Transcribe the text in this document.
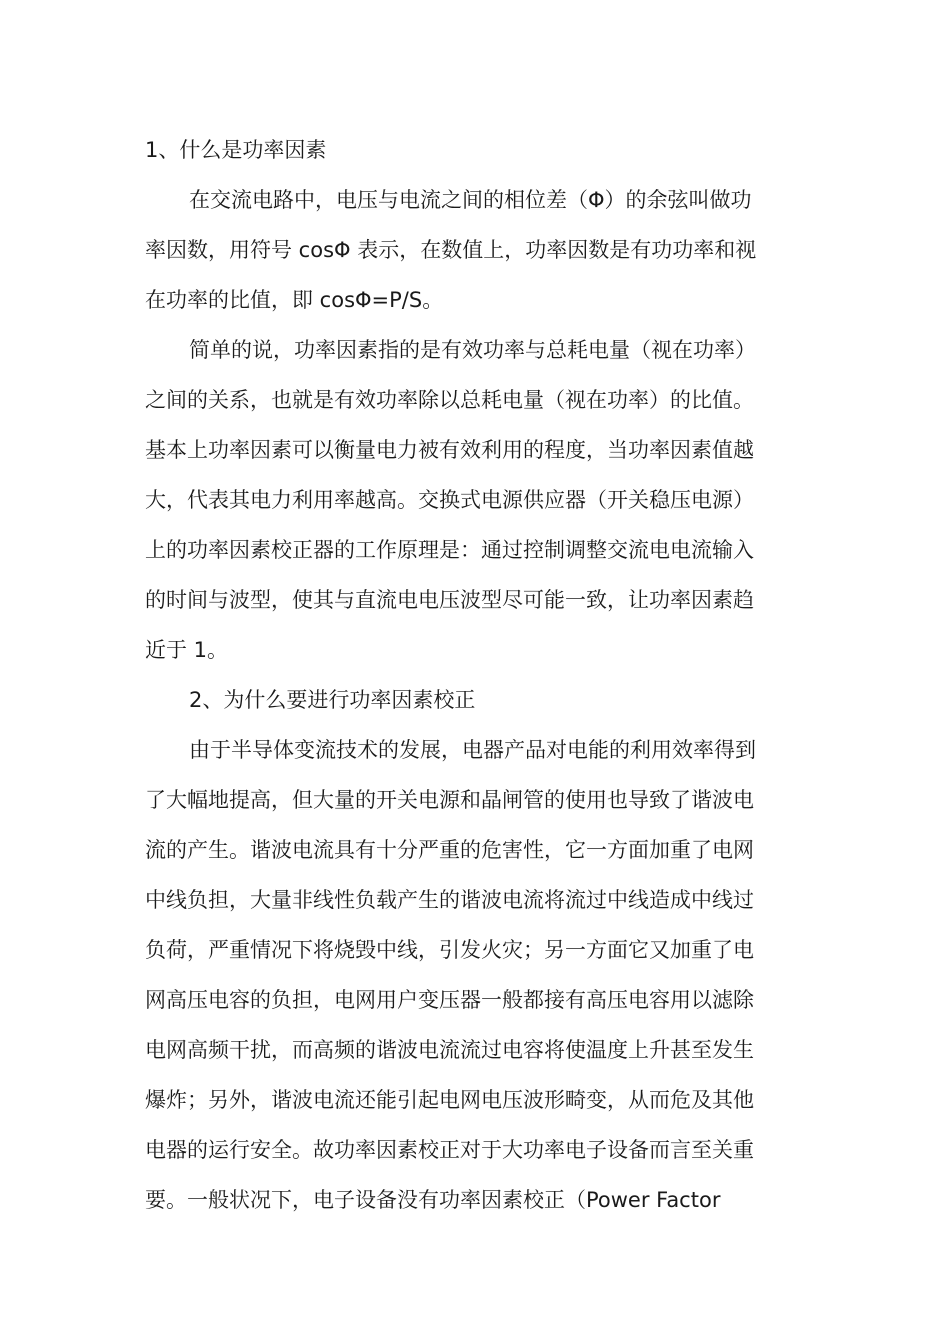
1、什么是功率因素
在交流电路中，电压与电流之间的相位差（Φ）的余弦叫做功
率因数，用符号 cosΦ 表示，在数值上，功率因数是有功功率和视
在功率的比值，即 cosΦ=P/S。
简单的说，功率因素指的是有效功率与总耗电量（视在功率）
之间的关系，也就是有效功率除以总耗电量（视在功率）的比值。
基本上功率因素可以衡量电力被有效利用的程度，当功率因素值越
大，代表其电力利用率越高。交换式电源供应器（开关稳压电源）
上的功率因素校正器的工作原理是：通过控制调整交流电电流输入
的时间与波型，使其与直流电电压波型尽可能一致，让功率因素趋
近于 1。
2、为什么要进行功率因素校正
由于半导体变流技术的发展，电器产品对电能的利用效率得到
了大幅地提高，但大量的开关电源和晶闸管的使用也导致了谐波电
流的产生。谐波电流具有十分严重的危害性，它一方面加重了电网
中线负担，大量非线性负载产生的谐波电流将流过中线造成中线过
负荷，严重情况下将烧毁中线，引发火灾；另一方面它又加重了电
网高压电容的负担，电网用户变压器一般都接有高压电容用以滤除
电网高频干扰，而高频的谐波电流流过电容将使温度上升甚至发生
爆炸；另外，谐波电流还能引起电网电压波形畸变，从而危及其他
电器的运行安全。故功率因素校正对于大功率电子设备而言至关重
要。一般状况下，电子设备没有功率因素校正（Power Factor
